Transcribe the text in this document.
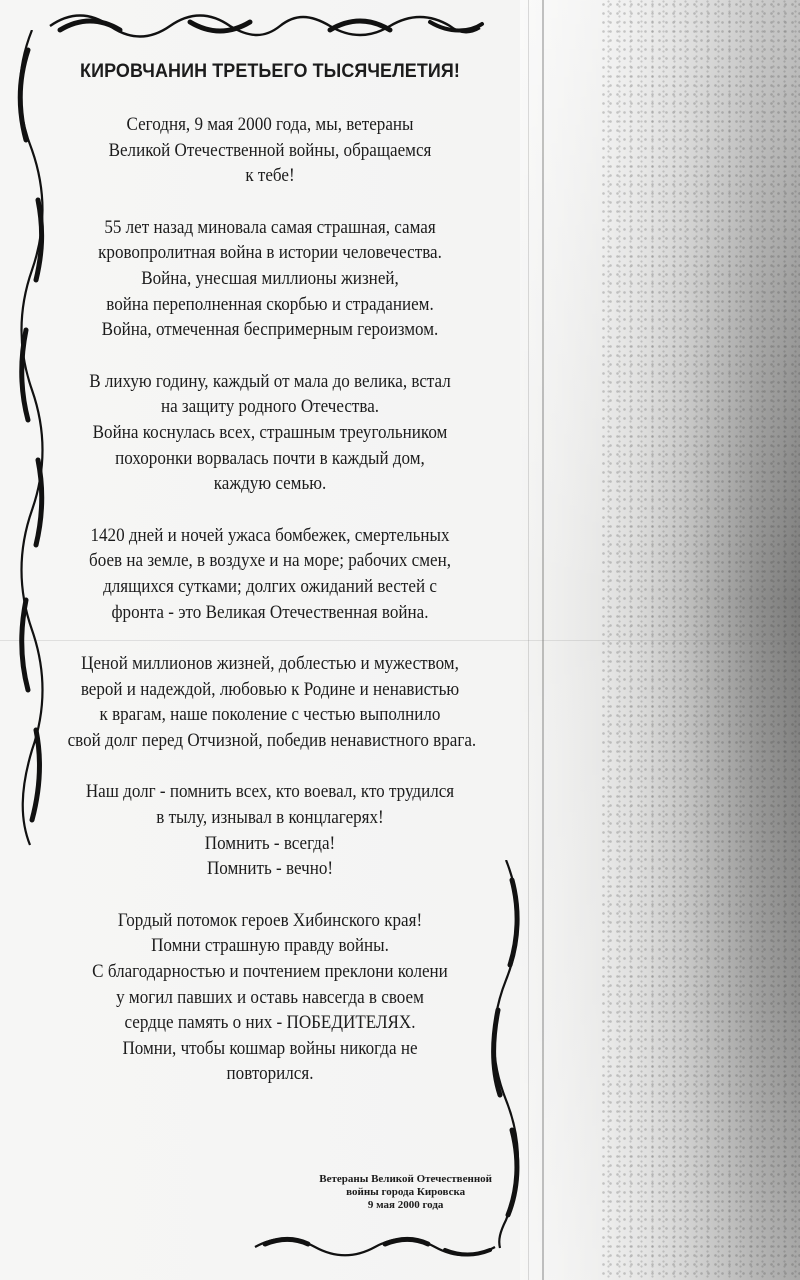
КИРОВЧАНИН ТРЕТЬЕГО ТЫСЯЧЕЛЕТИЯ!
Сегодня, 9 мая 2000 года, мы, ветераны
Великой Отечественной войны, обращаемся
к тебе!
55 лет назад миновала самая страшная, самая
кровопролитная война в истории человечества.
Война, унесшая миллионы жизней,
война переполненная скорбью и страданием.
Война, отмеченная беспримерным героизмом.
В лихую годину, каждый от мала до велика, встал
на защиту родного Отечества.
Война коснулась всех, страшным треугольником
похоронки ворвалась почти в каждый дом,
каждую семью.
1420 дней и ночей ужаса бомбежек, смертельных
боев на земле, в воздухе и на море; рабочих смен,
длящихся сутками; долгих ожиданий вестей с
фронта - это Великая Отечественная война.
Ценой миллионов жизней, доблестью и мужеством,
верой и надеждой, любовью к Родине и ненавистью
к врагам, наше поколение с честью выполнило
свой долг перед Отчизной, победив ненавистного врага.
Наш долг - помнить всех, кто воевал, кто трудился
в тылу, изнывал в концлагерях!
Помнить - всегда!
Помнить - вечно!
Гордый потомок героев Хибинского края!
Помни страшную правду войны.
С благодарностью и почтением преклони колени
у могил павших и оставь навсегда в своем
сердце память о них - ПОБЕДИТЕЛЯХ.
Помни, чтобы кошмар войны никогда не
повторился.
Ветераны Великой Отечественной
войны города Кировска
9 мая 2000 года
